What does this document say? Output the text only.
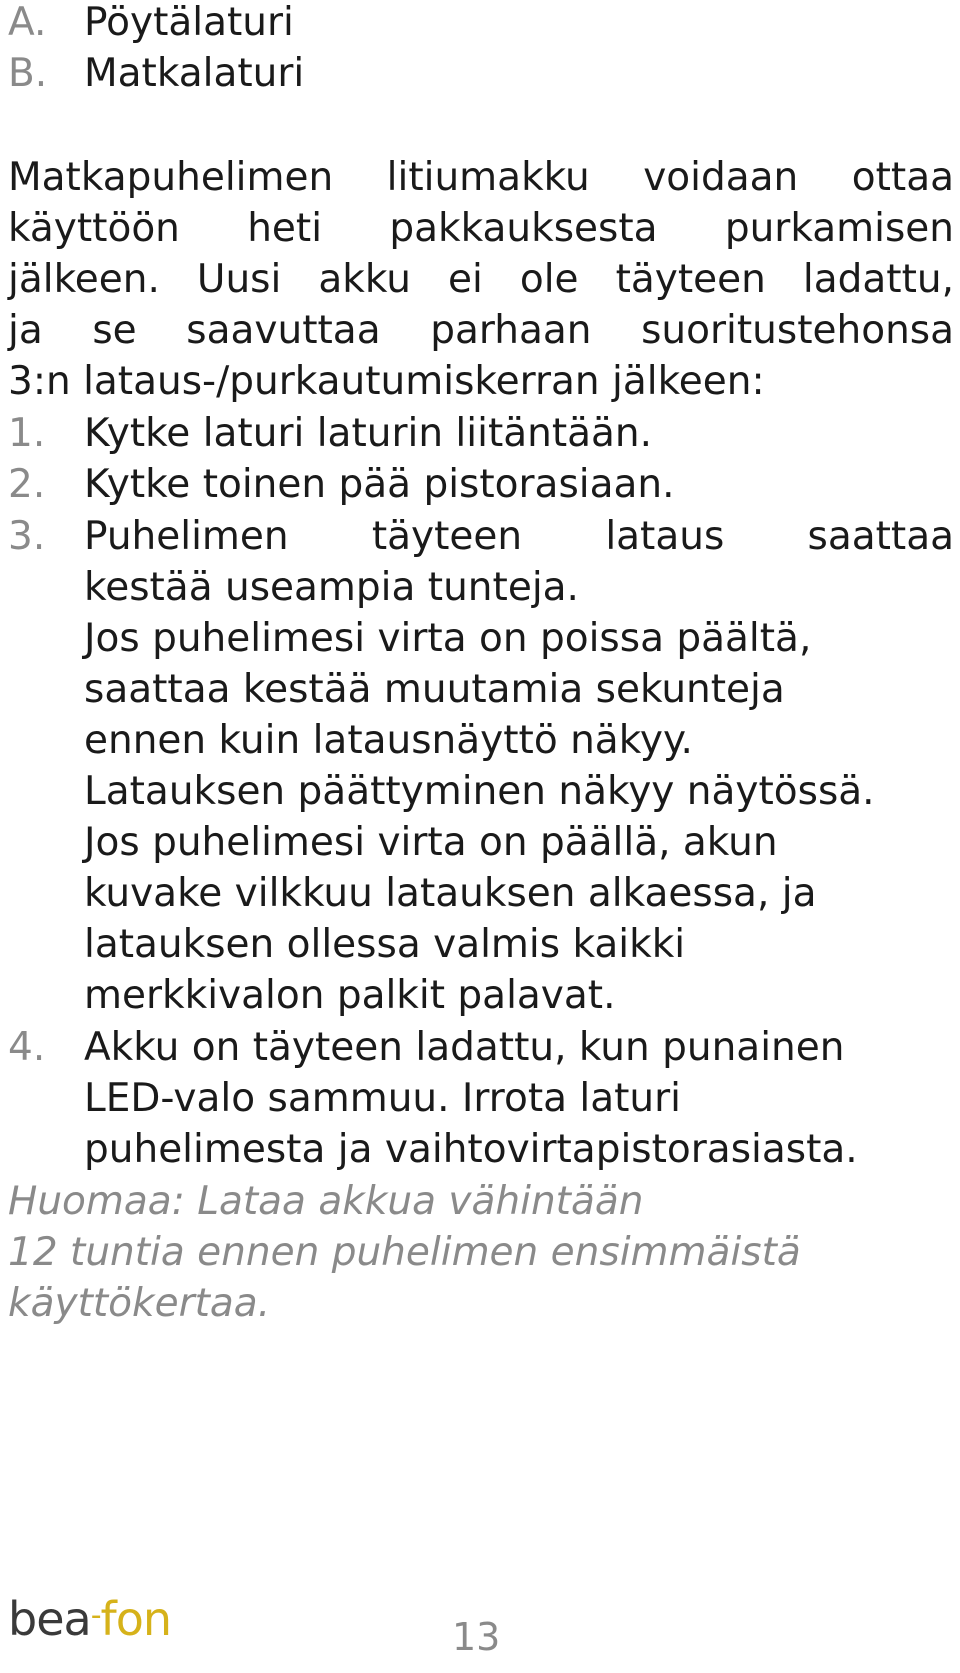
A. Pöytälaturi
B. Matkalaturi
Matkapuhelimen litiumakku voidaan ottaa
käyttöön heti pakkauksesta purkamisen
jälkeen. Uusi akku ei ole täyteen ladattu,
ja se saavuttaa parhaan suoritustehonsa
3:n lataus-/purkautumiskerran jälkeen:
1. Kytke laturi laturin liitäntään.
2. Kytke toinen pää pistorasiaan.
3. Puhelimen täyteen lataus saattaa
kestää useampia tunteja.
Jos puhelimesi virta on poissa päältä,
saattaa kestää muutamia sekunteja
ennen kuin latausnäyttö näkyy.
Latauksen päättyminen näkyy näytössä.
Jos puhelimesi virta on päällä, akun
kuvake vilkkuu latauksen alkaessa, ja
latauksen ollessa valmis kaikki
merkkivalon palkit palavat.
4. Akku on täyteen ladattu, kun punainen
LED-valo sammuu. Irrota laturi
puhelimesta ja vaihtovirtapistorasiasta.
Huomaa: Lataa akkua vähintään
12 tuntia ennen puhelimen ensimmäistä
käyttökertaa.
bea-fon	13
